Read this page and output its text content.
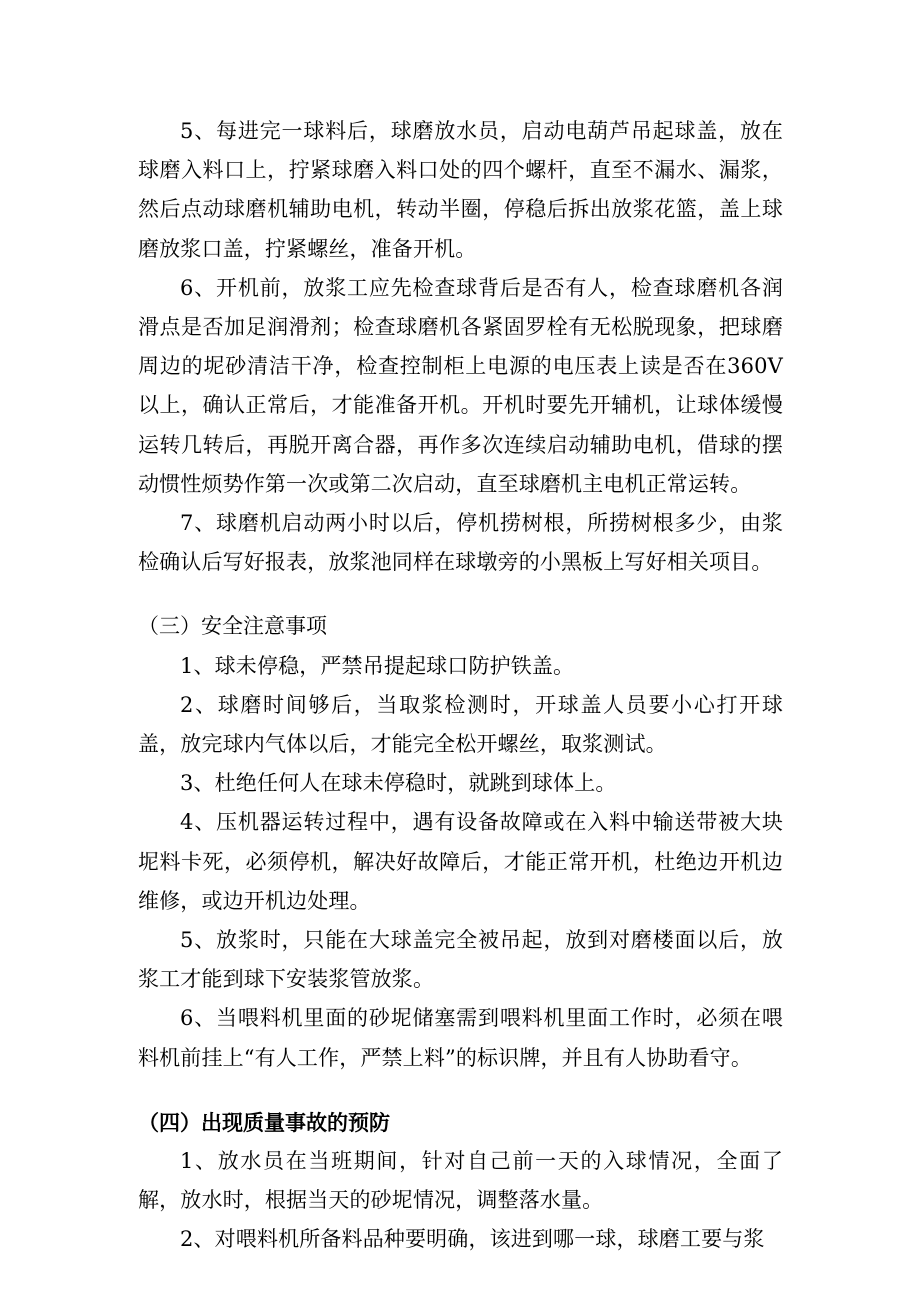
5、每进完一球料后，球磨放水员，启动电葫芦吊起球盖，放在球磨入料口上，拧紧球磨入料口处的四个螺杆，直至不漏水、漏浆，然后点动球磨机辅助电机，转动半圈，停稳后拆出放浆花篮，盖上球磨放浆口盖，拧紧螺丝，准备开机。

6、开机前，放浆工应先检查球背后是否有人，检查球磨机各润滑点是否加足润滑剂；检查球磨机各紧固罗栓有无松脱现象，把球磨周边的坭砂清洁干净，检查控制柜上电源的电压表上读是否在360V以上，确认正常后，才能准备开机。开机时要先开辅机，让球体缓慢运转几转后，再脱开离合器，再作多次连续启动辅助电机，借球的摆动惯性烦势作第一次或第二次启动，直至球磨机主电机正常运转。

7、球磨机启动两小时以后，停机捞树根，所捞树根多少，由浆检确认后写好报表，放浆池同样在球墩旁的小黑板上写好相关项目。

（三）安全注意事项

1、球未停稳，严禁吊提起球口防护铁盖。

2、球磨时间够后，当取浆检测时，开球盖人员要小心打开球盖，放完球内气体以后，才能完全松开螺丝，取浆测试。

3、杜绝任何人在球未停稳时，就跳到球体上。

4、压机器运转过程中，遇有设备故障或在入料中输送带被大块坭料卡死，必须停机，解决好故障后，才能正常开机，杜绝边开机边维修，或边开机边处理。

5、放浆时，只能在大球盖完全被吊起，放到对磨楼面以后，放浆工才能到球下安装浆管放浆。

6、当喂料机里面的砂坭储塞需到喂料机里面工作时，必须在喂料机前挂上“有人工作，严禁上料”的标识牌，并且有人协助看守。

（四）出现质量事故的预防

1、放水员在当班期间，针对自己前一天的入球情况，全面了解，放水时，根据当天的砂坭情况，调整落水量。

2、对喂料机所备料品种要明确，该进到哪一球，球磨工要与浆
